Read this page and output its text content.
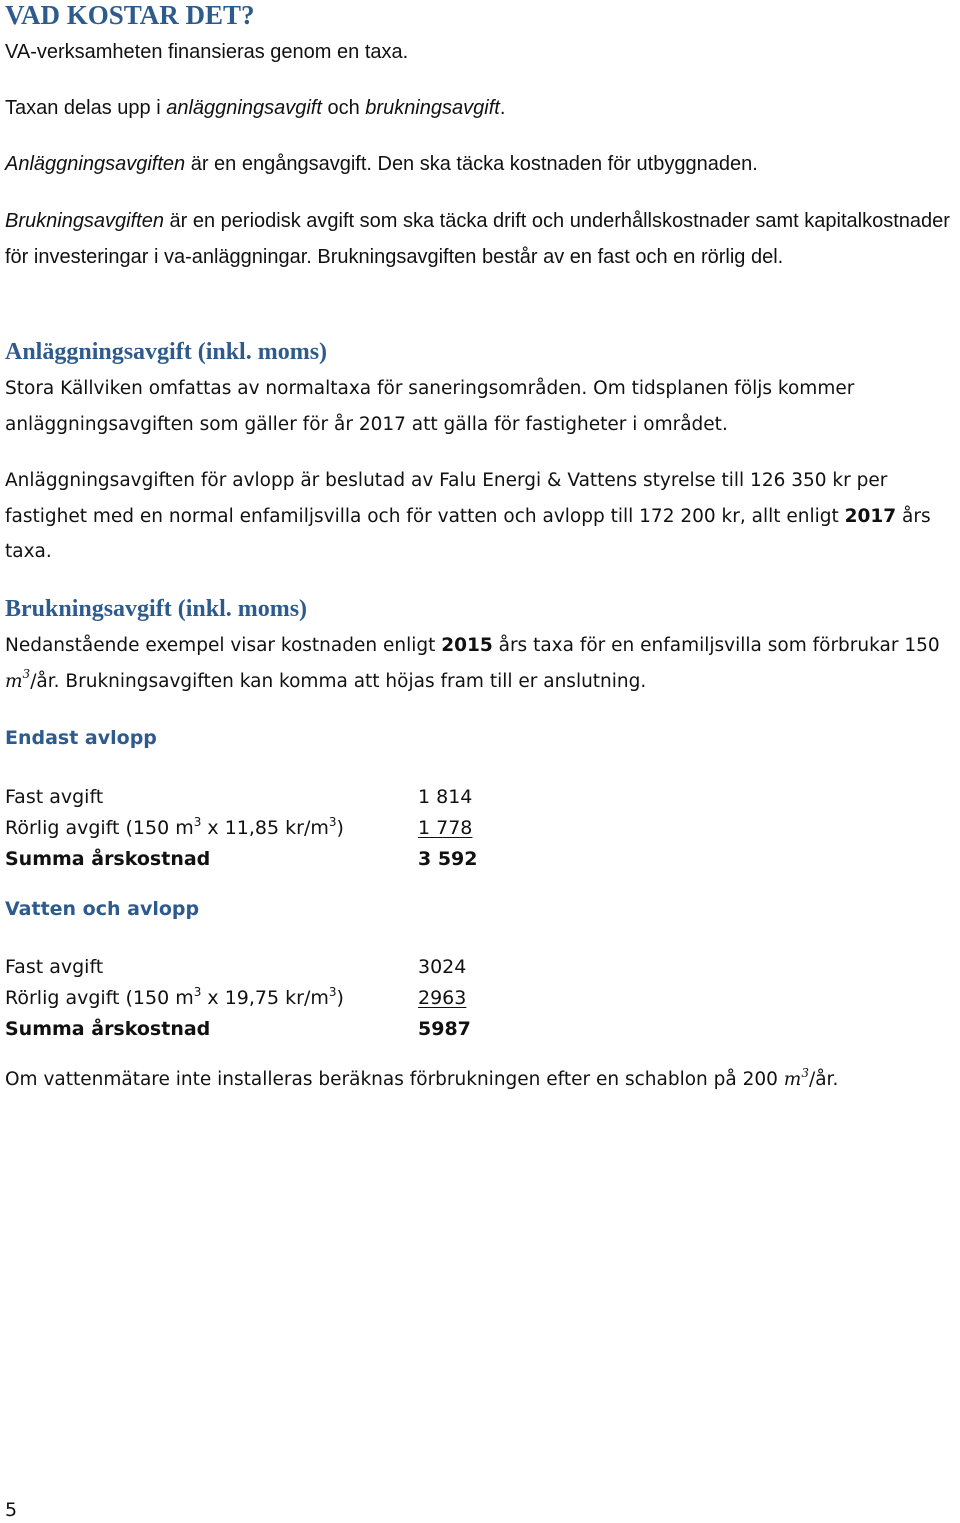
VAD KOSTAR DET?

VA-verksamheten finansieras genom en taxa.

Taxan delas upp i anläggningsavgift och brukningsavgift.

Anläggningsavgiften är en engångsavgift. Den ska täcka kostnaden för utbyggnaden.

Brukningsavgiften är en periodisk avgift som ska täcka drift och underhållskostnader samt kapitalkostnader för investeringar i va-anläggningar. Brukningsavgiften består av en fast och en rörlig del.

Anläggningsavgift (inkl. moms)

Stora Källviken omfattas av normaltaxa för saneringsområden. Om tidsplanen följs kommer anläggningsavgiften som gäller för år 2017 att gälla för fastigheter i området.

Anläggningsavgiften för avlopp är beslutad av Falu Energi & Vattens styrelse till 126 350 kr per fastighet med en normal enfamiljsvilla och för vatten och avlopp till 172 200 kr, allt enligt 2017 års taxa.

Brukningsavgift (inkl. moms)

Nedanstående exempel visar kostnaden enligt 2015 års taxa för en enfamiljsvilla som förbrukar 150 $m^3/år$. Brukningsavgiften kan komma att höjas fram till er anslutning.

Endast avlopp
Fast avgift	1 814
Rörlig avgift (150 $m^3$ x 11,85 $kr/m^3$)	1 778
Summa årskostnad	3 592
Vatten och avlopp
Fast avgift	3024
Rörlig avgift (150 $m^3$ x 19,75 $kr/m^3$)	2963
Summa årskostnad	5987

Om vattenmätare inte installeras beräknas förbrukningen efter en schablon på 200 $m^3/år$.

5
